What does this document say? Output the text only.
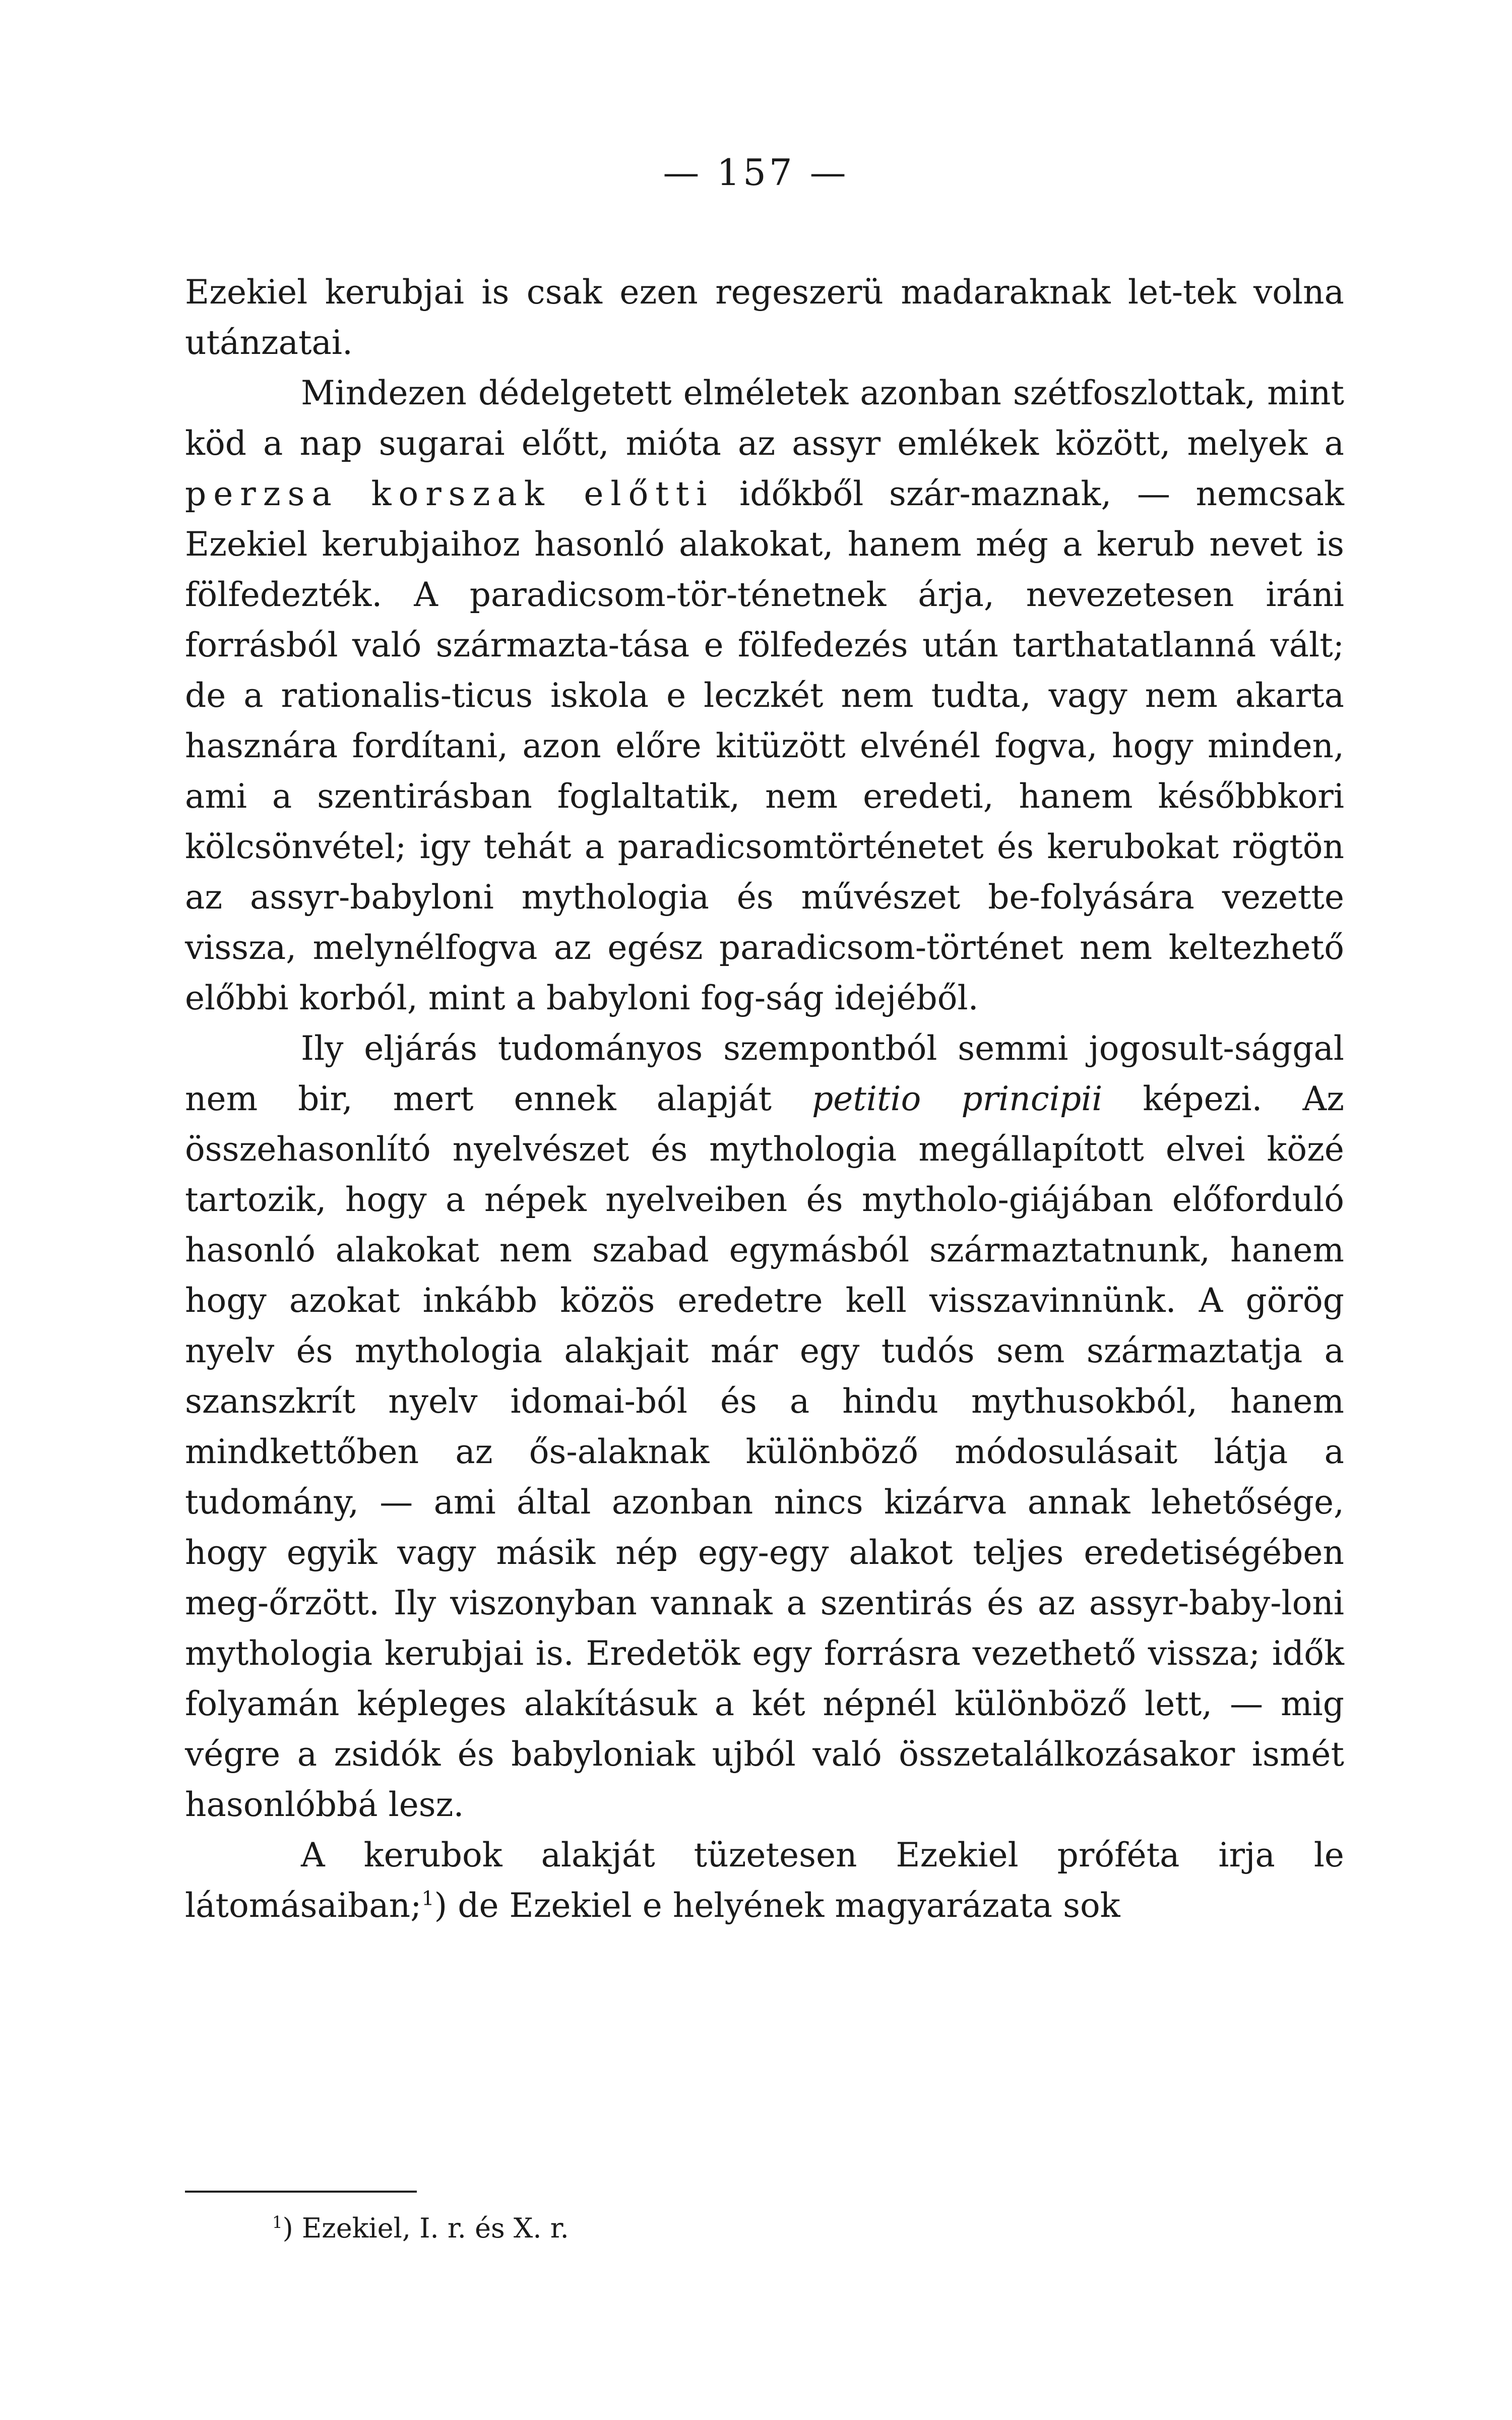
— 157 —

Ezekiel kerubjai is csak ezen regeszerü madaraknak let-tek volna utánzatai.

Mindezen dédelgetett elméletek azonban szétfoszlottak, mint köd a nap sugarai előtt, mióta az assyr emlékek között, melyek a perzsa korszak előtti időkből szár-maznak, — nemcsak Ezekiel kerubjaihoz hasonló alakokat, hanem még a kerub nevet is fölfedezték. A paradicsom-tör-ténetnek árja, nevezetesen iráni forrásból való származta-tása e fölfedezés után tarthatatlanná vált; de a rationalis-ticus iskola e leczkét nem tudta, vagy nem akarta hasznára fordítani, azon előre kitüzött elvénél fogva, hogy minden, ami a szentirásban foglaltatik, nem eredeti, hanem későbbkori kölcsönvétel; igy tehát a paradicsomtörténetet és kerubokat rögtön az assyr-babyloni mythologia és művészet be-folyására vezette vissza, melynélfogva az egész paradicsom-történet nem keltezhető előbbi korból, mint a babyloni fog-ság idejéből.

Ily eljárás tudományos szempontból semmi jogosult-sággal nem bir, mert ennek alapját petitio principii képezi. Az összehasonlító nyelvészet és mythologia megállapított elvei közé tartozik, hogy a népek nyelveiben és mytholo-giájában előforduló hasonló alakokat nem szabad egymásból származtatnunk, hanem hogy azokat inkább közös eredetre kell visszavinnünk. A görög nyelv és mythologia alakjait már egy tudós sem származtatja a szanszkrít nyelv idomai-ból és a hindu mythusokból, hanem mindkettőben az ős-alaknak különböző módosulásait látja a tudomány, — ami által azonban nincs kizárva annak lehetősége, hogy egyik vagy másik nép egy-egy alakot teljes eredetiségében meg-őrzött. Ily viszonyban vannak a szentirás és az assyr-baby-loni mythologia kerubjai is. Eredetök egy forrásra vezethető vissza; idők folyamán képleges alakításuk a két népnél különböző lett, — mig végre a zsidók és babyloniak ujból való összetalálkozásakor ismét hasonlóbbá lesz.

A kerubok alakját tüzetesen Ezekiel próféta irja le látomásaiban;$^1$) de Ezekiel e helyének magyarázata sok

$^1$) Ezekiel, I. r. és X. r.
